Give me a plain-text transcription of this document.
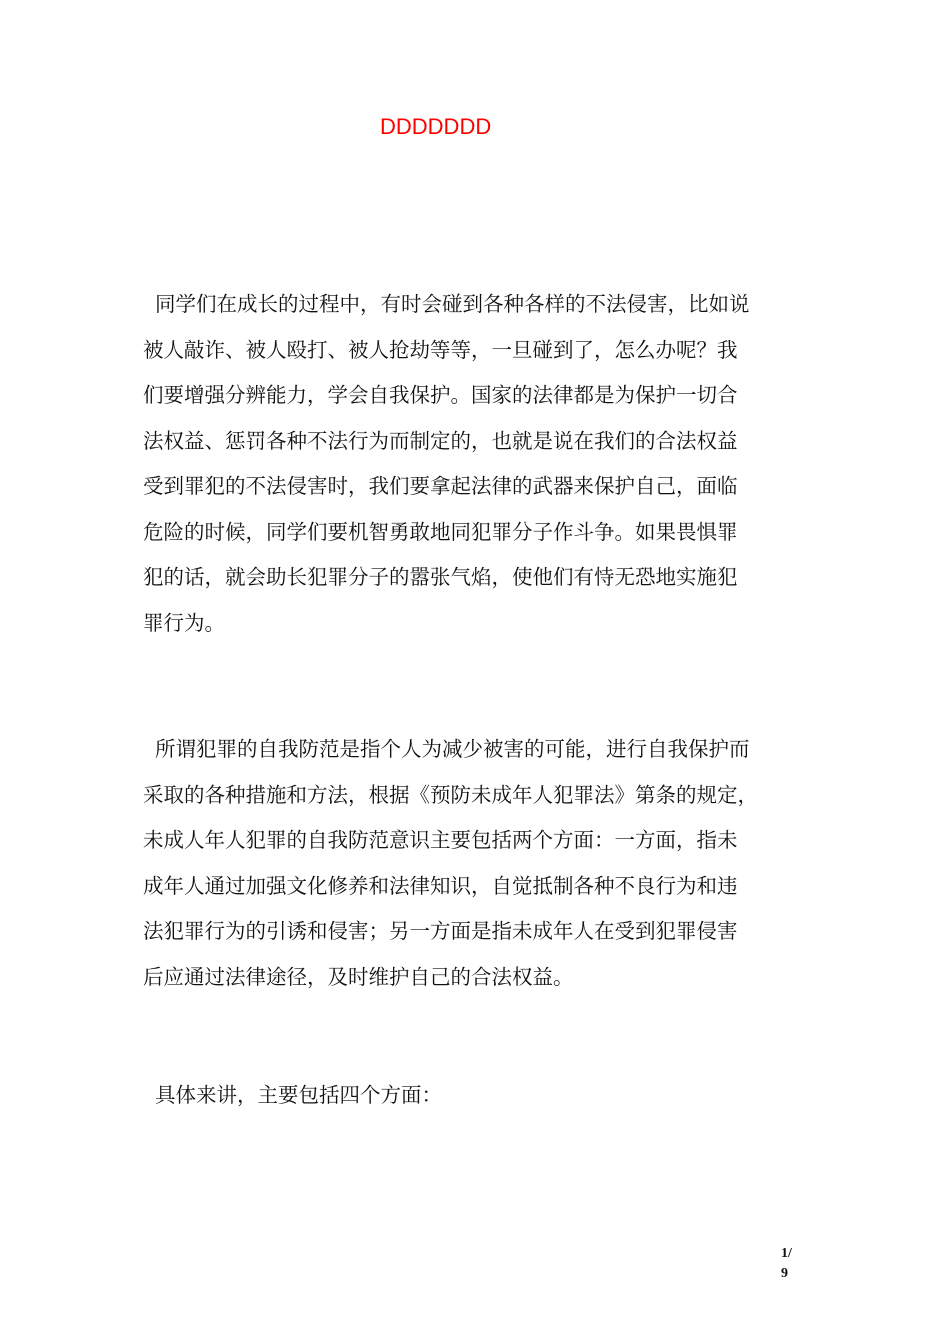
DDDDDDD
同学们在成长的过程中，有时会碰到各种各样的不法侵害，比如说
被人敲诈、被人殴打、被人抢劫等等，一旦碰到了，怎么办呢？我
们要增强分辨能力，学会自我保护。国家的法律都是为保护一切合
法权益、惩罚各种不法行为而制定的，也就是说在我们的合法权益
受到罪犯的不法侵害时，我们要拿起法律的武器来保护自己，面临
危险的时候，同学们要机智勇敢地同犯罪分子作斗争。如果畏惧罪
犯的话，就会助长犯罪分子的嚣张气焰，使他们有恃无恐地实施犯
罪行为。
所谓犯罪的自我防范是指个人为减少被害的可能，进行自我保护而
采取的各种措施和方法，根据《预防未成年人犯罪法》第条的规定，
未成人年人犯罪的自我防范意识主要包括两个方面：一方面，指未
成年人通过加强文化修养和法律知识，自觉抵制各种不良行为和违
法犯罪行为的引诱和侵害；另一方面是指未成年人在受到犯罪侵害
后应通过法律途径，及时维护自己的合法权益。
具体来讲，主要包括四个方面：
1/
9
